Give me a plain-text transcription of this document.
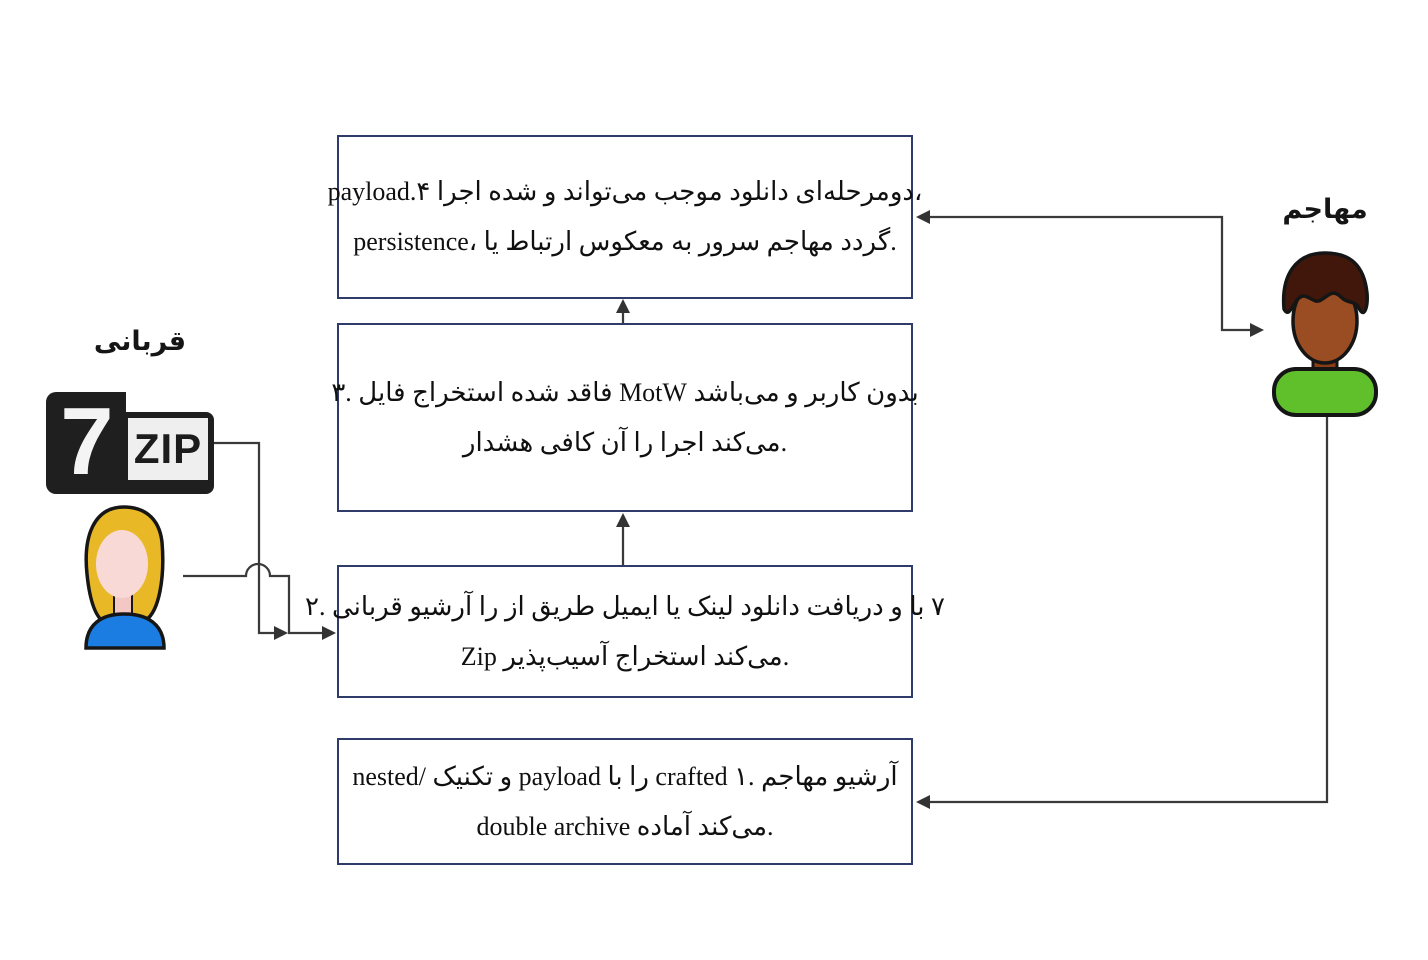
قربانی
مهاجم
7 ZIP
payload.۴ اجرا شده و می‌تواند موجب دانلود دومرحله‌ای،
persistence، یا ارتباط معکوس به سرور مهاجم گردد.
۳. فایل استخراج شده فاقد MotW می‌باشد و کاربر بدون
هشدار کافی آن را اجرا می‌کند.
۲. قربانی آرشیو را از طریق ایمیل یا لینک دانلود دریافت و با ۷
Zip آسیب‌پذیر استخراج می‌کند.
nested/ تکنیک و payload با را crafted ۱. مهاجم آرشیو
double archive آماده می‌کند.
